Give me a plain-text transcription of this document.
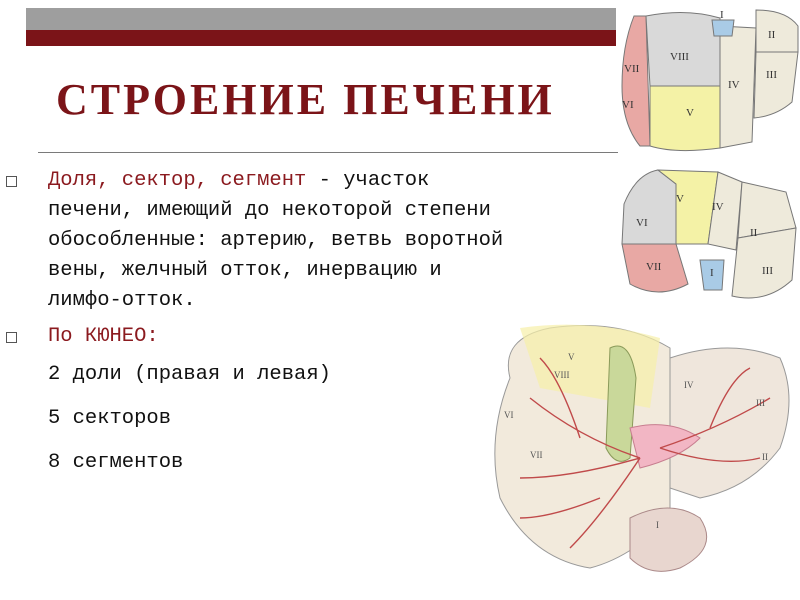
СТРОЕНИЕ ПЕЧЕНИ
Доля, сектор, сегмент - участок печени, имеющий до некоторой степени обособленные: артерию, ветвь воротной вены, желчный отток, инервацию и лимфо-отток.
По КЮНЕО:
2 доли (правая и левая)
5 секторов
8 сегментов
VII
VI
VIII
V
IV
I
II
III
VI
VII
V
IV
I
II
III
VIII
V
VI
VII
IV
III
II
I
